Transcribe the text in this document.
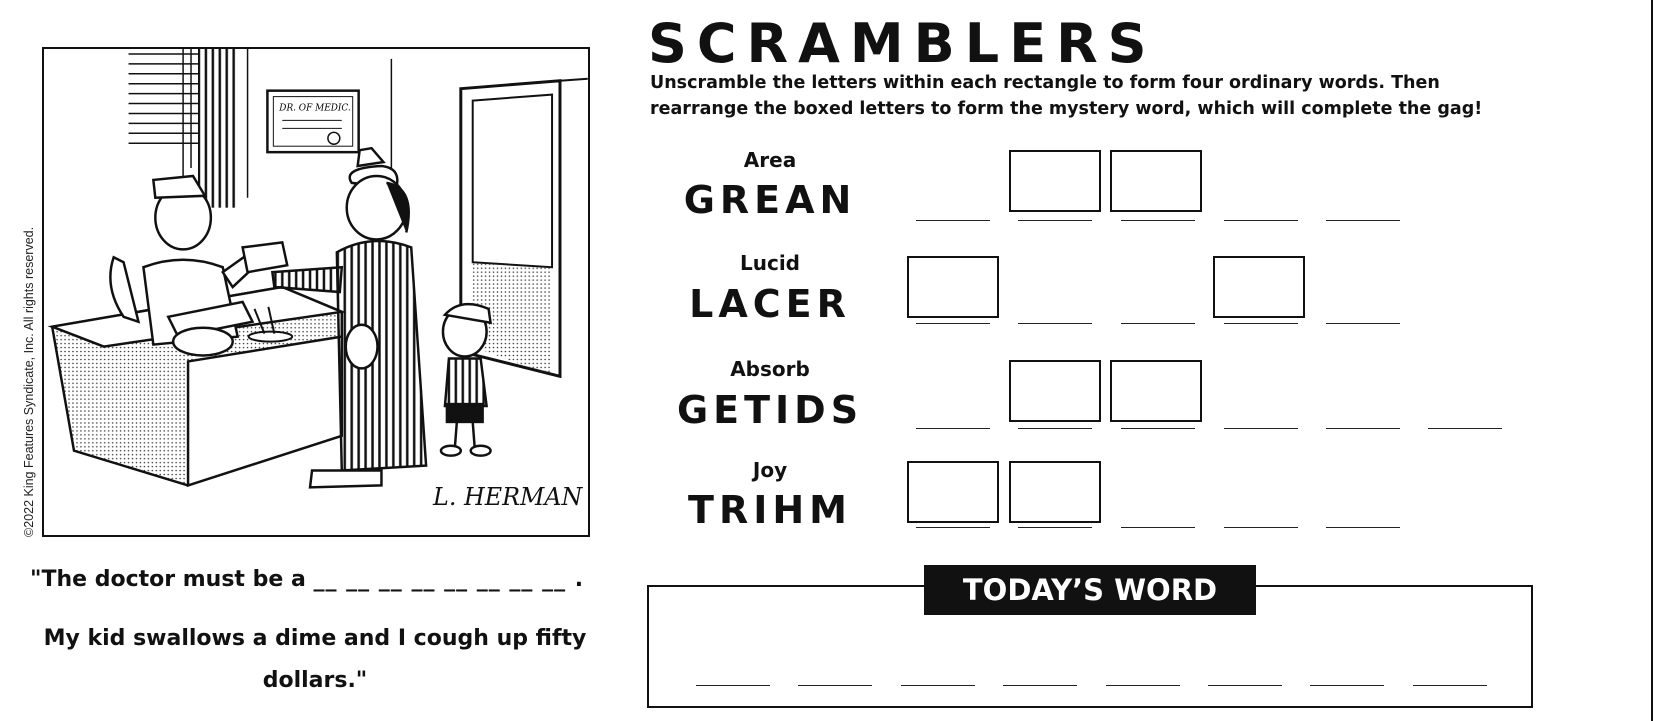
©2022 King Features Syndicate, Inc. All rights reserved.
DR. OF MEDIC.
L. HERMAN
"The doctor must be a __ __ __ __ __ __ __ __ .
My kid swallows a dime and I cough up fifty dollars."
SCRAMBLERS
Unscramble the letters within each rectangle to form four ordinary words. Then rearrange the boxed letters to form the mystery word, which will complete the gag!
Area
GREAN
Lucid
LACER
Absorb
GETIDS
Joy
TRIHM
TODAY’S WORD
